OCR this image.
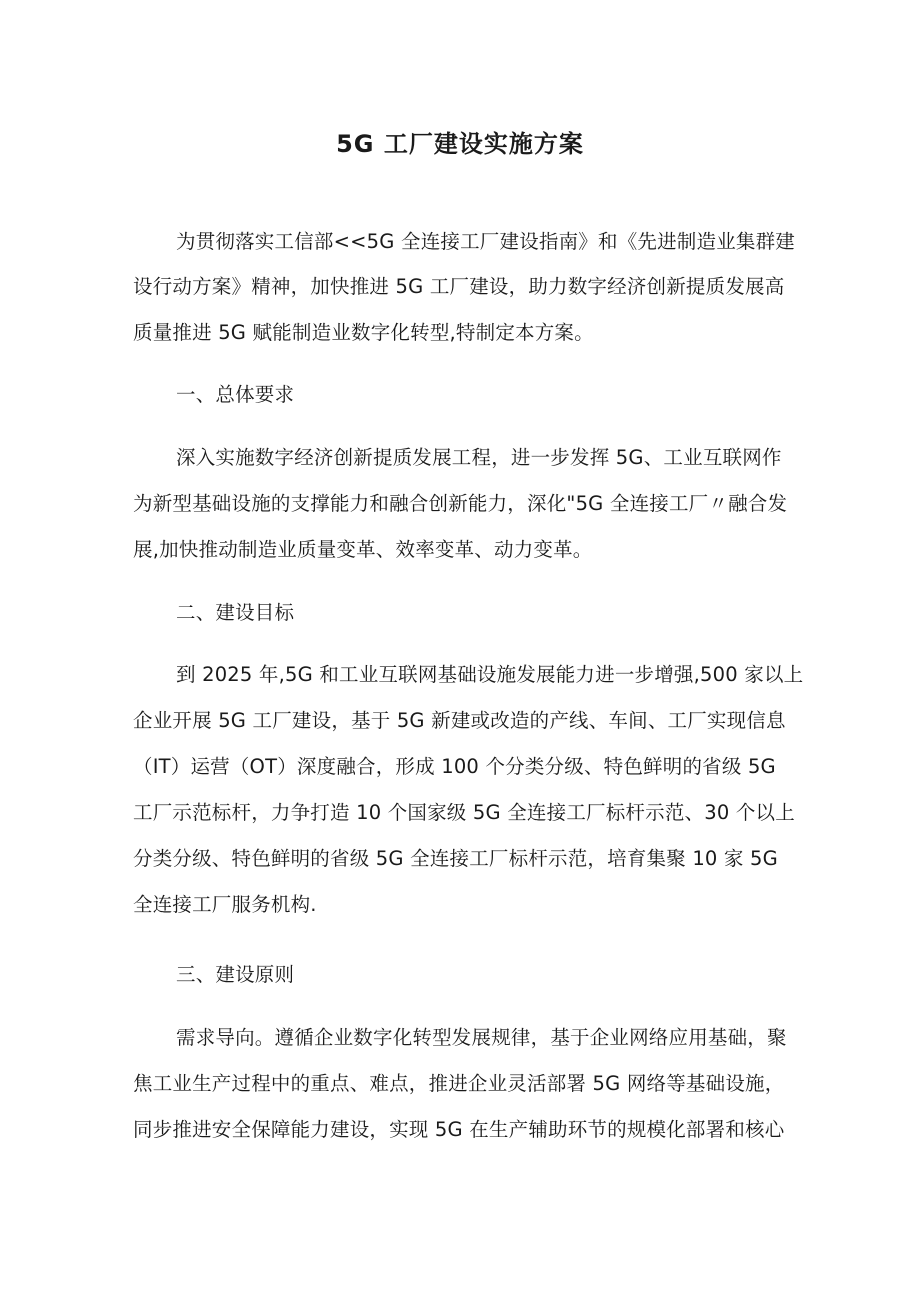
5G 工厂建设实施方案

为贯彻落实工信部<<5G 全连接工厂建设指南》和《先进制造业集群建

设行动方案》精神，加快推进 5G 工厂建设，助力数字经济创新提质发展高

质量推进 5G 赋能制造业数字化转型,特制定本方案。

一、总体要求

深入实施数字经济创新提质发展工程，进一步发挥 5G、工业互联网作

为新型基础设施的支撑能力和融合创新能力，深化"5G 全连接工厂〃融合发

展,加快推动制造业质量变革、效率变革、动力变革。

二、建设目标

到 2025 年,5G 和工业互联网基础设施发展能力进一步增强,500 家以上

企业开展 5G 工厂建设，基于 5G 新建或改造的产线、车间、工厂实现信息

（IT）运营（OT）深度融合，形成 100 个分类分级、特色鲜明的省级 5G

工厂示范标杆，力争打造 10 个国家级 5G 全连接工厂标杆示范、30 个以上

分类分级、特色鲜明的省级 5G 全连接工厂标杆示范，培育集聚 10 家 5G

全连接工厂服务机构.

三、建设原则

需求导向。遵循企业数字化转型发展规律，基于企业网络应用基础，聚

焦工业生产过程中的重点、难点，推进企业灵活部署 5G 网络等基础设施，

同步推进安全保障能力建设，实现 5G 在生产辅助环节的规模化部署和核心
